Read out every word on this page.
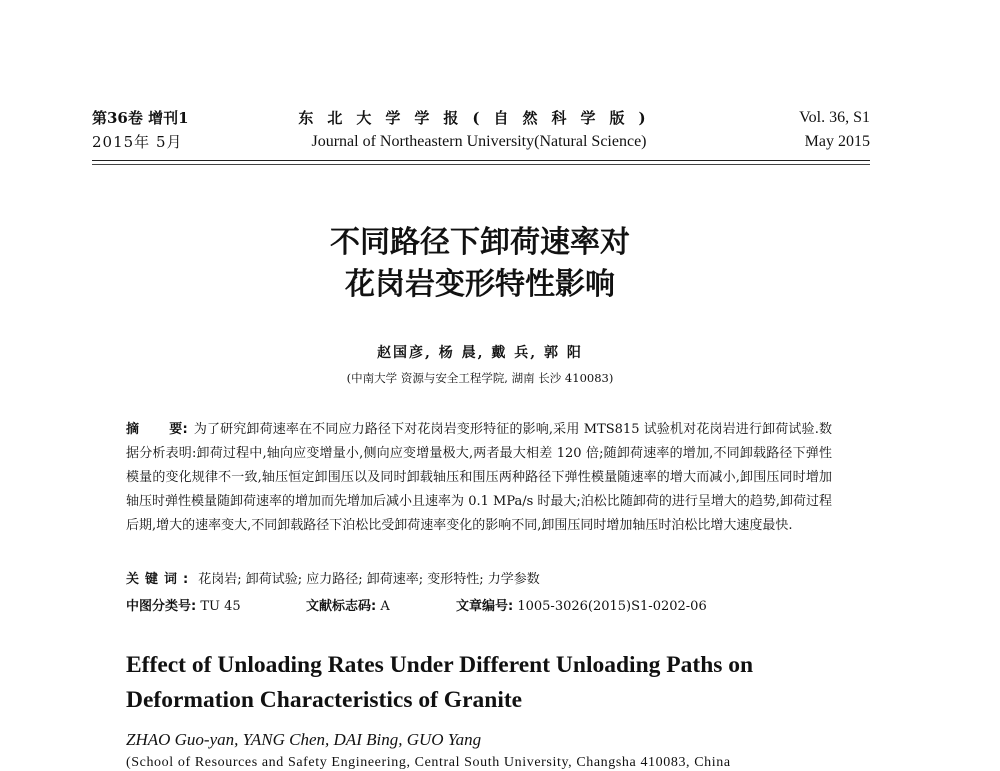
第36卷 增刊1
2015年 5月
东北大学学报(自然科学版)
Journal of Northeastern University(Natural Science)
Vol. 36, S1
May 2015
不同路径下卸荷速率对
花岗岩变形特性影响
赵国彦, 杨 晨, 戴 兵, 郭 阳
(中南大学 资源与安全工程学院, 湖南 长沙 410083)
摘 要: 为了研究卸荷速率在不同应力路径下对花岗岩变形特征的影响,采用 MTS815 试验机对花岗岩进行卸荷试验.数据分析表明:卸荷过程中,轴向应变增量小,侧向应变增量极大,两者最大相差 120 倍;随卸荷速率的增加,不同卸载路径下弹性模量的变化规律不一致,轴压恒定卸围压以及同时卸载轴压和围压两种路径下弹性模量随速率的增大而减小,卸围压同时增加轴压时弹性模量随卸荷速率的增加而先增加后减小且速率为 0.1 MPa/s 时最大;泊松比随卸荷的进行呈增大的趋势,卸荷过程后期,增大的速率变大,不同卸载路径下泊松比受卸荷速率变化的影响不同,卸围压同时增加轴压时泊松比增大速度最快.
关键词: 花岗岩; 卸荷试验; 应力路径; 卸荷速率; 变形特性; 力学参数
中图分类号: TU 45	文献标志码: A	文章编号: 1005-3026(2015)S1-0202-06
Effect of Unloading Rates Under Different Unloading Paths on
Deformation Characteristics of Granite
ZHAO Guo-yan, YANG Chen, DAI Bing, GUO Yang
(School of Resources and Safety Engineering, Central South University, Changsha 410083, China
